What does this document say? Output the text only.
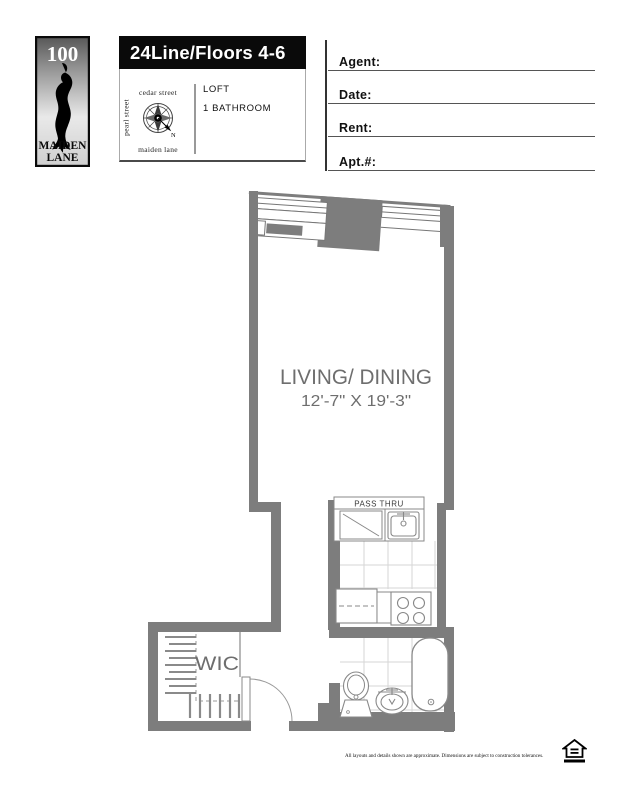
100
MAIDEN
LANE
24Line/Floors 4-6
cedar street
pearl street
maiden lane
N
LOFT
1 BATHROOM
Agent:
Date:
Rent:
Apt.#:
PASS THRU
WIC
LIVING/ DINING
12'-7" X 19'-3"
All layouts and details shown are approximate. Dimensions are subject to construction tolerances.
